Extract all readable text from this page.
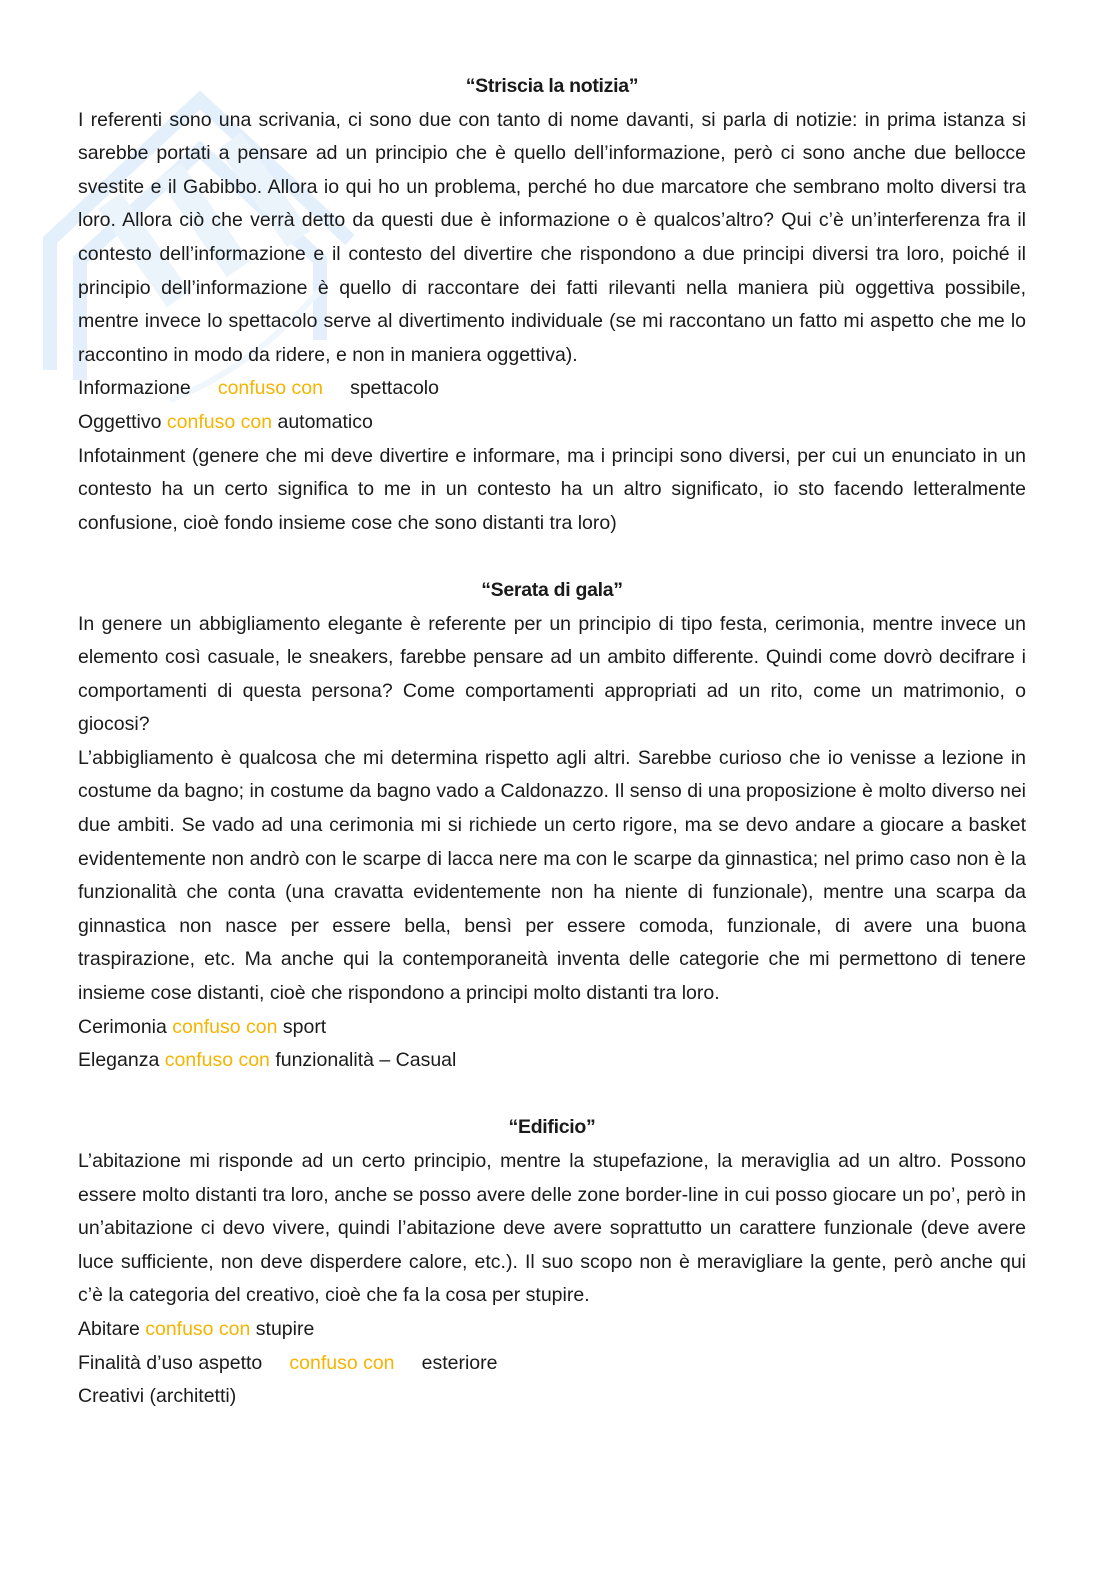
“Striscia la notizia”

I referenti sono una scrivania, ci sono due con tanto di nome davanti, si parla di notizie: in prima istanza si sarebbe portati a pensare ad un principio che è quello dell’informazione, però ci sono anche due bellocce svestite e il Gabibbo. Allora io qui ho un problema, perché ho due marcatore che sembrano molto diversi tra loro. Allora ciò che verrà detto da questi due è informazione o è qualcos’altro? Qui c’è un’interferenza fra il contesto dell’informazione e il contesto del divertire che rispondono a due principi diversi tra loro, poiché il principio dell’informazione è quello di raccontare dei fatti rilevanti nella maniera più oggettiva possibile, mentre invece lo spettacolo serve al divertimento individuale (se mi raccontano un fatto mi aspetto che me lo raccontino in modo da ridere, e non in maniera oggettiva).

Informazione confuso con spettacolo
Oggettivo confuso con automatico

Infotainment (genere che mi deve divertire e informare, ma i principi sono diversi, per cui un enunciato in un contesto ha un certo significa to me in un contesto ha un altro significato, io sto facendo letteralmente confusione, cioè fondo insieme cose che sono distanti tra loro)

“Serata di gala”

In genere un abbigliamento elegante è referente per un principio di tipo festa, cerimonia, mentre invece un elemento così casuale, le sneakers, farebbe pensare ad un ambito differente. Quindi come dovrò decifrare i comportamenti di questa persona? Come comportamenti appropriati ad un rito, come un matrimonio, o giocosi?

L’abbigliamento è qualcosa che mi determina rispetto agli altri. Sarebbe curioso che io venisse a lezione in costume da bagno; in costume da bagno vado a Caldonazzo. Il senso di una proposizione è molto diverso nei due ambiti. Se vado ad una cerimonia mi si richiede un certo rigore, ma se devo andare a giocare a basket evidentemente non andrò con le scarpe di lacca nere ma con le scarpe da ginnastica; nel primo caso non è la funzionalità che conta (una cravatta evidentemente non ha niente di funzionale), mentre una scarpa da ginnastica non nasce per essere bella, bensì per essere comoda, funzionale, di avere una buona traspirazione, etc. Ma anche qui la contemporaneità inventa delle categorie che mi permettono di tenere insieme cose distanti, cioè che rispondono a principi molto distanti tra loro.

Cerimonia confuso con sport
Eleganza confuso con funzionalità – Casual
“Edificio”

L’abitazione mi risponde ad un certo principio, mentre la stupefazione, la meraviglia ad un altro. Possono essere molto distanti tra loro, anche se posso avere delle zone border-line in cui posso giocare un po’, però in un’abitazione ci devo vivere, quindi l’abitazione deve avere soprattutto un carattere funzionale (deve avere luce sufficiente, non deve disperdere calore, etc.). Il suo scopo non è meravigliare la gente, però anche qui c’è la categoria del creativo, cioè che fa la cosa per stupire.

Abitare confuso con stupire
Finalità d’uso aspetto confuso con esteriore
Creativi (architetti)
